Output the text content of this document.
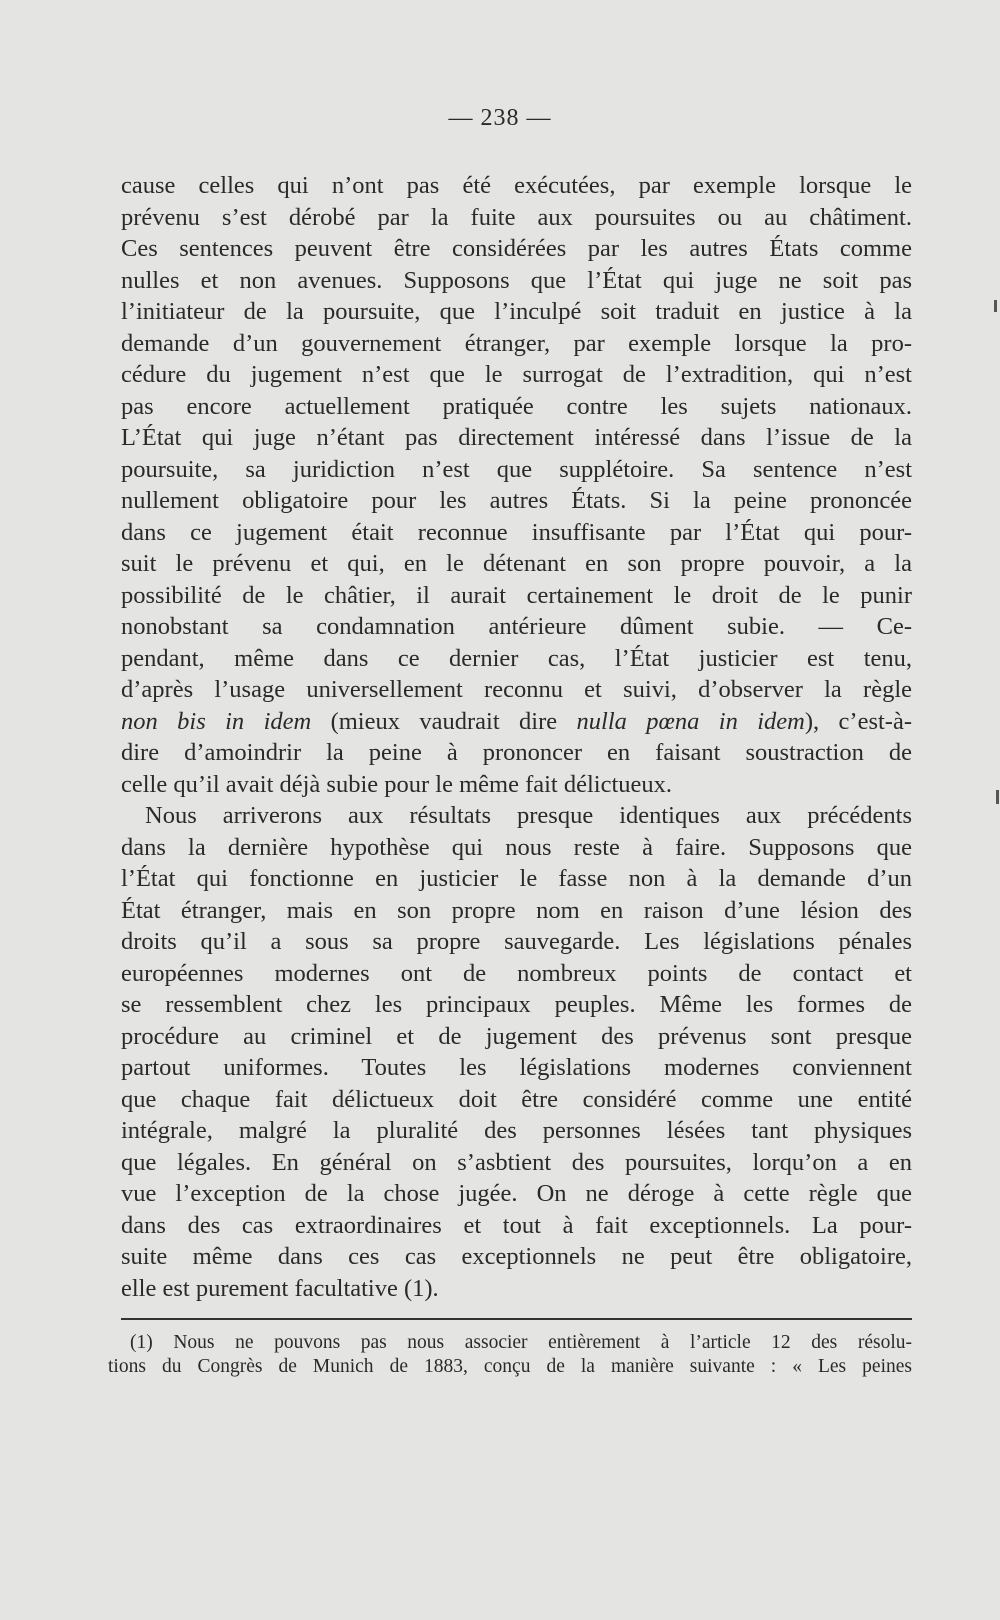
— 238 —
cause celles qui n’ont pas été exécutées, par exemple lorsque le
prévenu s’est dérobé par la fuite aux poursuites ou au châtiment.
Ces sentences peuvent être considérées par les autres États comme
nulles et non avenues. Supposons que l’État qui juge ne soit pas
l’initiateur de la poursuite, que l’inculpé soit traduit en justice à la
demande d’un gouvernement étranger, par exemple lorsque la pro-
cédure du jugement n’est que le surrogat de l’extradition, qui n’est
pas encore actuellement pratiquée contre les sujets nationaux.
L’État qui juge n’étant pas directement intéressé dans l’issue de la
poursuite, sa juridiction n’est que supplétoire. Sa sentence n’est
nullement obligatoire pour les autres États. Si la peine prononcée
dans ce jugement était reconnue insuffisante par l’État qui pour-
suit le prévenu et qui, en le détenant en son propre pouvoir, a la
possibilité de le châtier, il aurait certainement le droit de le punir
nonobstant sa condamnation antérieure dûment subie. — Ce-
pendant, même dans ce dernier cas, l’État justicier est tenu,
d’après l’usage universellement reconnu et suivi, d’observer la règle
non bis in idem (mieux vaudrait dire nulla pœna in idem), c’est-à-
dire d’amoindrir la peine à prononcer en faisant soustraction de
celle qu’il avait déjà subie pour le même fait délictueux.
Nous arriverons aux résultats presque identiques aux précédents
dans la dernière hypothèse qui nous reste à faire. Supposons que
l’État qui fonctionne en justicier le fasse non à la demande d’un
État étranger, mais en son propre nom en raison d’une lésion des
droits qu’il a sous sa propre sauvegarde. Les législations pénales
européennes modernes ont de nombreux points de contact et
se ressemblent chez les principaux peuples. Même les formes de
procédure au criminel et de jugement des prévenus sont presque
partout uniformes. Toutes les législations modernes conviennent
que chaque fait délictueux doit être considéré comme une entité
intégrale, malgré la pluralité des personnes lésées tant physiques
que légales. En général on s’asbtient des poursuites, lorqu’on a en
vue l’exception de la chose jugée. On ne déroge à cette règle que
dans des cas extraordinaires et tout à fait exceptionnels. La pour-
suite même dans ces cas exceptionnels ne peut être obligatoire,
elle est purement facultative (1).
(1) Nous ne pouvons pas nous associer entièrement à l’article 12 des résolu-
tions du Congrès de Munich de 1883, conçu de la manière suivante : « Les peines
